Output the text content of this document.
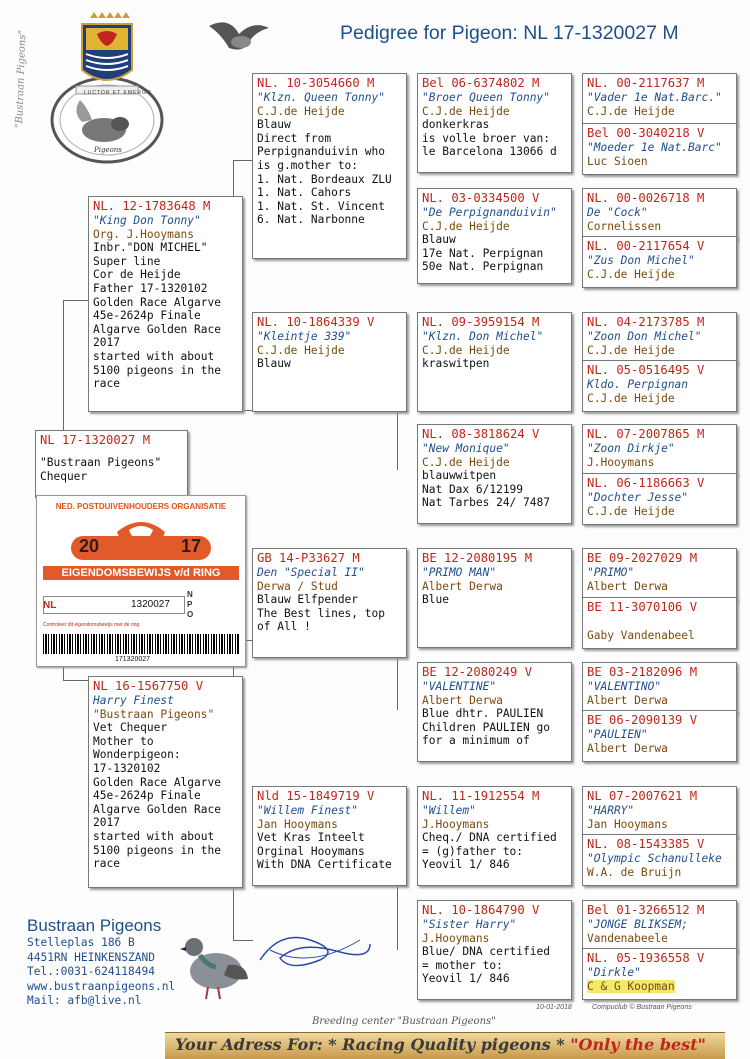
Pedigree for Pigeon: NL 17-1320027 M
LUCTOR ET EMERGO
Pigeons
"Bustraan Pigeons"
NL 17-1320027 M
"Bustraan Pigeons"
Chequer
NED. POSTDUIVENHOUDERS ORGANISATIE
20	17
EIGENDOMSBEWIJS v/d RING
NL	1320027
N
P
O
Controleer dit eigendomsbewijs met de ring
171320027
NL. 12-1783648 M
"King Don Tonny"
Org. J.Hooymans
Inbr."DON MICHEL"
Super line
Cor de Heijde
Father 17-1320102
Golden Race Algarve
45e-2624p Finale
Algarve Golden Race
2017
started with about
5100 pigeons in the
race
NL 16-1567750 V
Harry Finest
"Bustraan Pigeons"
Vet Chequer
Mother to
Wonderpigeon:
17-1320102
Golden Race Algarve
45e-2624p Finale
Algarve Golden Race
2017
started with about
5100 pigeons in the
race
NL. 10-3054660 M
"Klzn. Queen Tonny"
C.J.de Heijde
Blauw
Direct from
Perpignanduivin who
is g.mother to:
1. Nat. Bordeaux ZLU
1. Nat. Cahors
1. Nat. St. Vincent
6. Nat. Narbonne
NL. 10-1864339 V
"Kleintje 339"
C.J.de Heijde
Blauw
GB 14-P33627 M
Den "Special II"
Derwa / Stud
Blauw Elfpender
The Best lines, top
of All !
Nld 15-1849719 V
"Willem Finest"
Jan Hooymans
Vet Kras Inteelt
Orginal Hooymans
With DNA Certificate
Bel 06-6374802 M
"Broer Queen Tonny"
C.J.de Heijde
donkerkras
is volle broer van:
le Barcelona 13066 d
NL. 03-0334500 V
"De Perpignanduivin"
C.J.de Heijde
Blauw
17e Nat. Perpignan
50e Nat. Perpignan
NL. 09-3959154 M
"Klzn. Don Michel"
C.J.de Heijde
kraswitpen
NL. 08-3818624 V
"New Monique"
C.J.de Heijde
blauwwitpen
Nat Dax 6/12199
Nat Tarbes 24/ 7487
BE 12-2080195 M
"PRIMO MAN"
Albert Derwa
Blue
BE 12-2080249 V
"VALENTINE"
Albert Derwa
Blue dhtr. PAULIEN
Children PAULIEN go
for a minimum of
NL. 11-1912554 M
"Willem"
J.Hooymans
Cheq./ DNA certified
= (g)father to:
Yeovil 1/ 846
NL. 10-1864790 V
"Sister Harry"
J.Hooymans
Blue/ DNA certified
= mother to:
Yeovil 1/ 846
NL. 00-2117637 M
"Vader 1e Nat.Barc."
C.J.de Heijde
Bel 00-3040218 V
"Moeder 1e Nat.Barc"
Luc Sioen
NL. 00-0026718 M
De "Cock"
Cornelissen
NL. 00-2117654 V
"Zus Don Michel"
C.J.de Heijde
NL. 04-2173785 M
"Zoon Don Michel"
C.J.de Heijde
NL. 05-0516495 V
Kldo. Perpignan
C.J.de Heijde
NL. 07-2007865 M
"Zoon Dirkje"
J.Hooymans
NL. 06-1186663 V
"Dochter Jesse"
C.J.de Heijde
BE 09-2027029 M
"PRIMO"
Albert Derwa
BE 11-3070106 V
Gaby Vandenabeel
BE 03-2182096 M
"VALENTINO"
Albert Derwa
BE 06-2090139 V
"PAULIEN"
Albert Derwa
NL 07-2007621 M
"HARRY"
Jan Hooymans
NL. 08-1543385 V
"Olympic Schanulleke
W.A. de Bruijn
Bel 01-3266512 M
"JONGE BLIKSEM;
Vandenabeele
NL. 05-1936558 V
"Dirkle"
C & G Koopman
Bustraan Pigeons
Stelleplas 186 B
4451RN HEINKENSZAND
Tel.:0031-624118494
www.bustraanpigeons.nl
Mail: afb@live.nl
10-01-2018	Compuclub © Bustraan Pigeons
Breeding center "Bustraan Pigeons"
Your Adress For: * Racing Quality pigeons * "Only the best"
